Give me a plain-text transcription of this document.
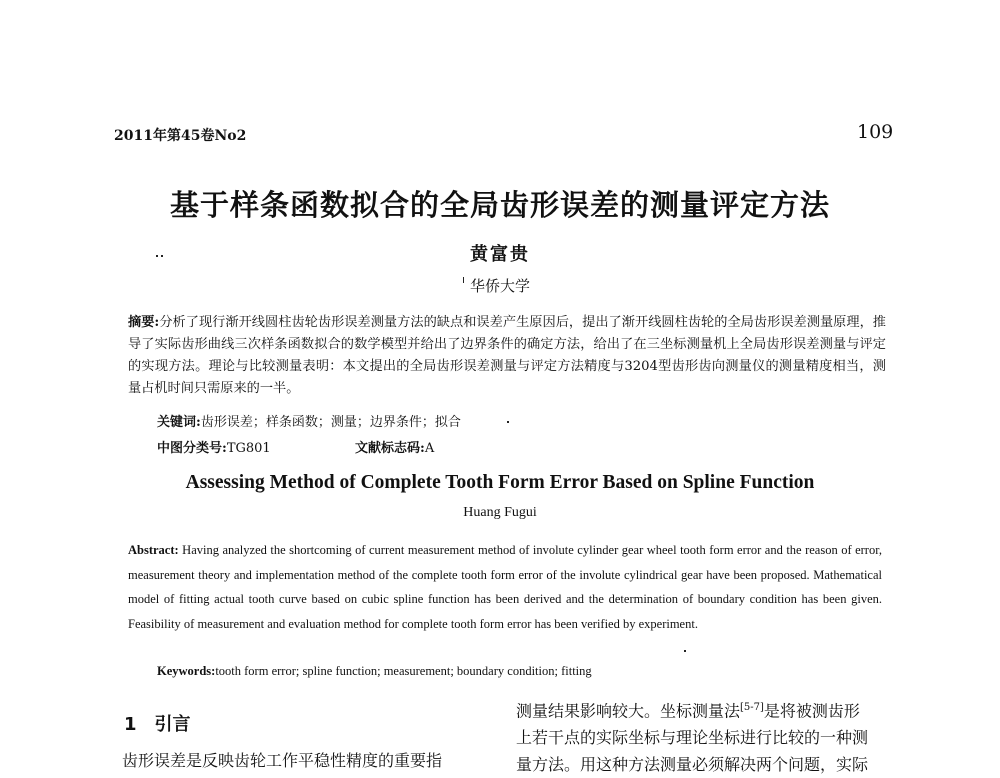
2011年第45卷No2	109
基于样条函数拟合的全局齿形误差的测量评定方法
黄富贵
华侨大学
摘要:分析了现行渐开线圆柱齿轮齿形误差测量方法的缺点和误差产生原因后，提出了渐开线圆柱齿轮的全局齿形误差测量原理，推导了实际齿形曲线三次样条函数拟合的数学模型并给出了边界条件的确定方法，给出了在三坐标测量机上全局齿形误差测量与评定的实现方法。理论与比较测量表明：本文提出的全局齿形误差测量与评定方法精度与3204型齿形齿向测量仪的测量精度相当，测量占机时间只需原来的一半。
关键词:齿形误差；样条函数；测量；边界条件；拟合
中图分类号:TG801	文献标志码:A
Assessing Method of Complete Tooth Form Error Based on Spline Function
Huang Fugui
Abstract: Having analyzed the shortcoming of current measurement method of involute cylinder gear wheel tooth form error and the reason of error, measurement theory and implementation method of the complete tooth form error of the involute cylindrical gear have been proposed. Mathematical model of fitting actual tooth curve based on cubic spline function has been derived and the determination of boundary condition has been given. Feasibility of measurement and evaluation method for complete tooth form error has been verified by experiment.
Keywords:tooth form error; spline function; measurement; boundary condition; fitting
1 引言
齿形误差是反映齿轮工作平稳性精度的重要指
测量结果影响较大。坐标测量法[5-7]是将被测齿形
上若干点的实际坐标与理论坐标进行比较的一种测
量方法。用这种方法测量必须解决两个问题，实际
